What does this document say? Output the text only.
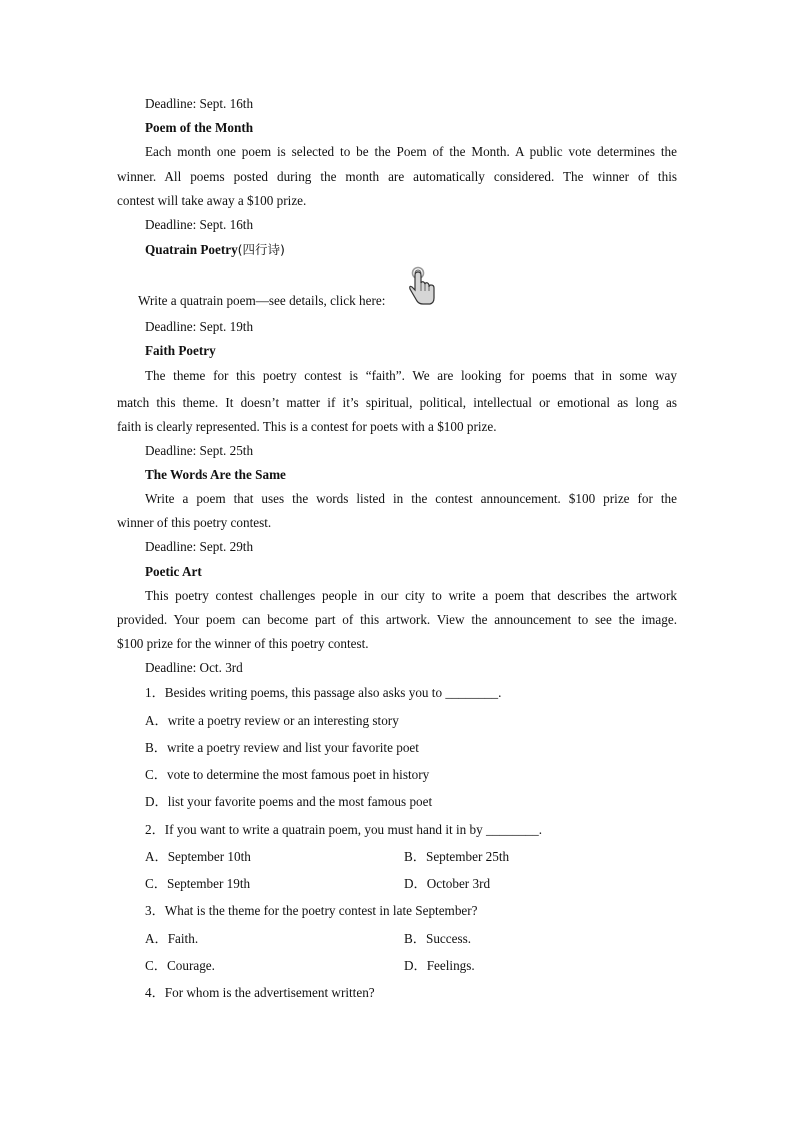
Deadline: Sept. 16th
Poem of the Month
Each month one poem is selected to be the Poem of the Month. A public vote determines the
winner. All poems posted during the month are automatically considered. The winner of this
contest will take away a $100 prize.
Deadline: Sept. 16th
Quatrain Poetry(四行诗)
Write a quatrain poem—see details, click here:
Deadline: Sept. 19th
Faith Poetry
The theme for this poetry contest is “faith”. We are looking for poems that in some way
match this theme. It doesn’t matter if it’s spiritual, political, intellectual or emotional as long as
faith is clearly represented. This is a contest for poets with a $100 prize.
Deadline: Sept. 25th
The Words Are the Same
Write a poem that uses the words listed in the contest announcement. $100 prize for the
winner of this poetry contest.
Deadline: Sept. 29th
Poetic Art
This poetry contest challenges people in our city to write a poem that describes the artwork
provided. Your poem can become part of this artwork. View the announcement to see the image.
$100 prize for the winner of this poetry contest.
Deadline: Oct. 3rd
1．Besides writing poems, this passage also asks you to ________.
A．write a poetry review or an interesting story
B．write a poetry review and list your favorite poet
C．vote to determine the most famous poet in history
D．list your favorite poems and the most famous poet
2．If you want to write a quatrain poem, you must hand it in by ________.
A．September 10th	B．September 25th
C．September 19th	D．October 3rd
3．What is the theme for the poetry contest in late September?
A．Faith.	B．Success.
C．Courage.	D．Feelings.
4．For whom is the advertisement written?
